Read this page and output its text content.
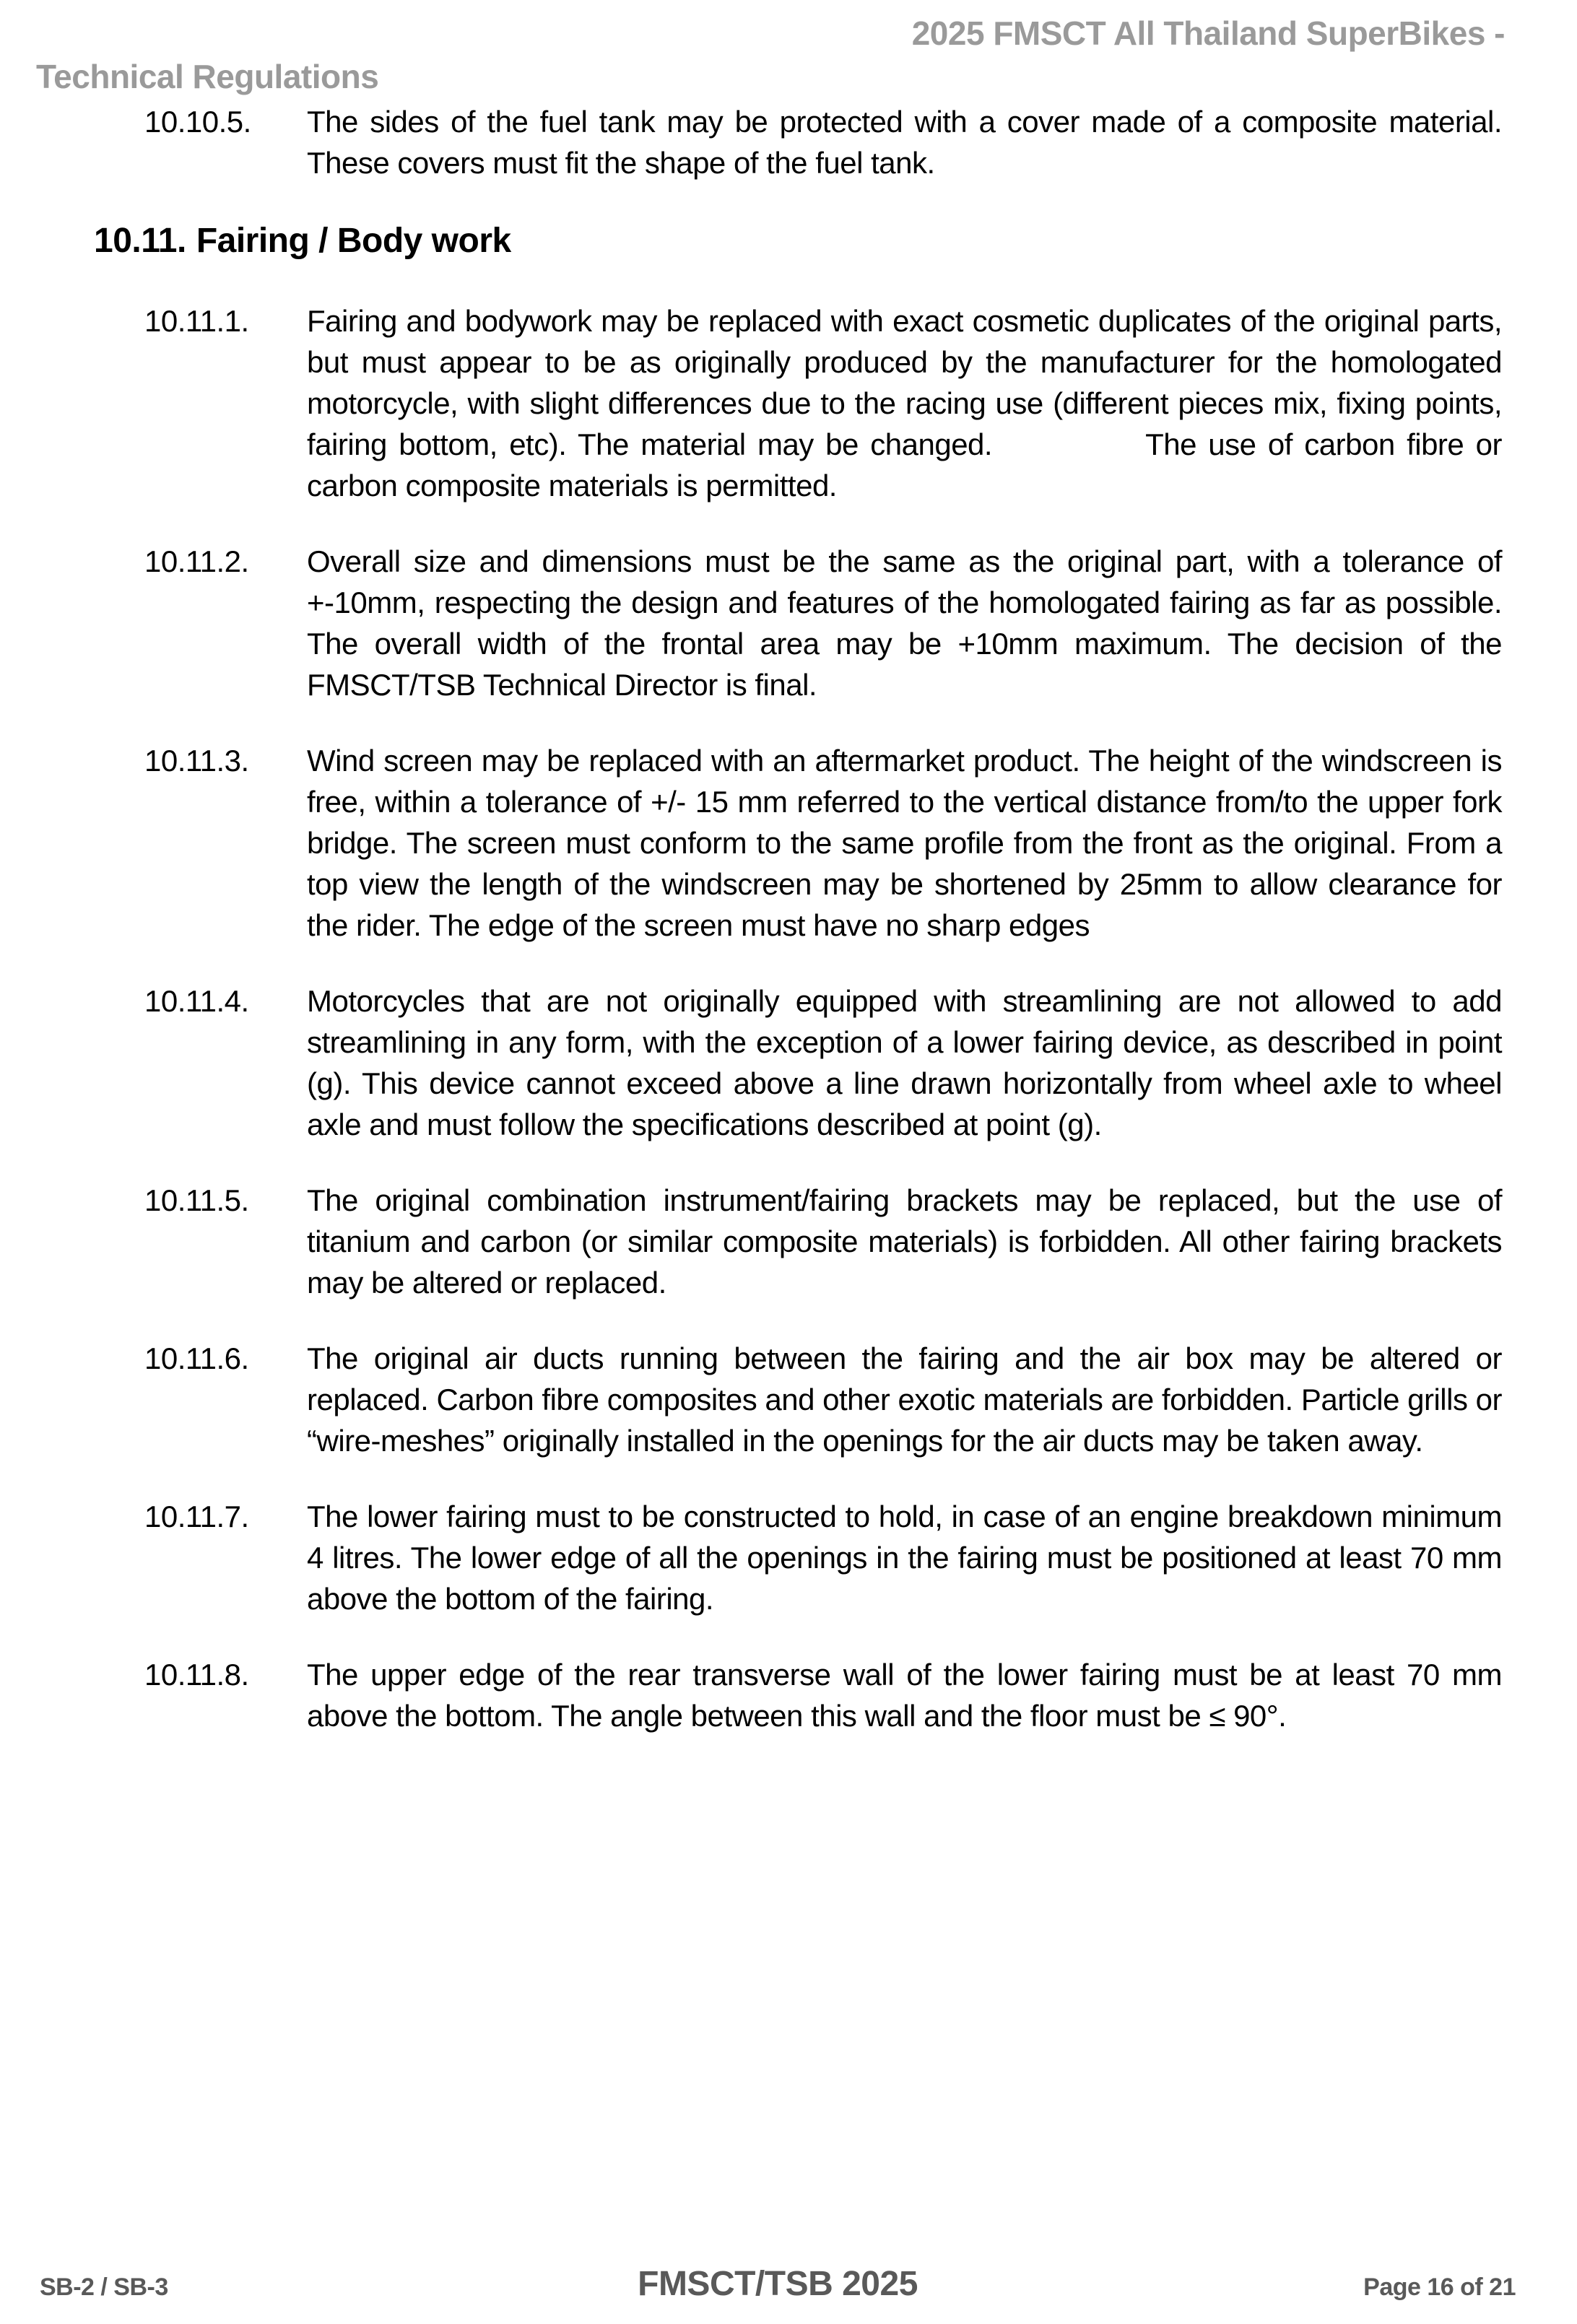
2025 FMSCT All Thailand SuperBikes -
Technical Regulations
10.10.5.	The sides of the fuel tank may be protected with a cover made of a composite material. These covers must fit the shape of the fuel tank.
10.11. Fairing / Body work
10.11.1.	Fairing and bodywork may be replaced with exact cosmetic duplicates of the original parts, but must appear to be as originally produced by the manufacturer for the homologated motorcycle, with slight differences due to the racing use (different pieces mix, fixing points, fairing bottom, etc). The material may be changed.             The use of carbon fibre or carbon composite materials is permitted.
10.11.2.	Overall size and dimensions must be the same as the original part, with a tolerance of +-10mm, respecting the design and features of the homologated fairing as far as possible. The overall width of the frontal area may be +10mm maximum. The decision of the FMSCT/TSB Technical Director is final.
10.11.3.	Wind screen may be replaced with an aftermarket product. The height of the windscreen is free, within a tolerance of +/- 15 mm referred to the vertical distance from/to the upper fork bridge. The screen must conform to the same profile from the front as the original. From a top view the length of the windscreen may be shortened by 25mm to allow clearance for the rider. The edge of the screen must have no sharp edges
10.11.4.	Motorcycles that are not originally equipped with streamlining are not allowed to add streamlining in any form, with the exception of a lower fairing device, as described in point (g). This device cannot exceed above a line drawn horizontally from wheel axle to wheel axle and must follow the specifications described at point (g).
10.11.5.	The original combination instrument/fairing brackets may be replaced, but the use of titanium and carbon (or similar composite materials) is forbidden. All other fairing brackets may be altered or replaced.
10.11.6.	The original air ducts running between the fairing and the air box may be altered or replaced. Carbon fibre composites and other exotic materials are forbidden. Particle grills or “wire-meshes” originally installed in the openings for the air ducts may be taken away.
10.11.7.	The lower fairing must to be constructed to hold, in case of an engine breakdown minimum 4 litres. The lower edge of all the openings in the fairing must be positioned at least 70 mm above the bottom of the fairing.
10.11.8.	The upper edge of the rear transverse wall of the lower fairing must be at least 70 mm above the bottom. The angle between this wall and the floor must be ≤ 90°.
SB-2 / SB-3	FMSCT/TSB 2025	Page 16 of 21
